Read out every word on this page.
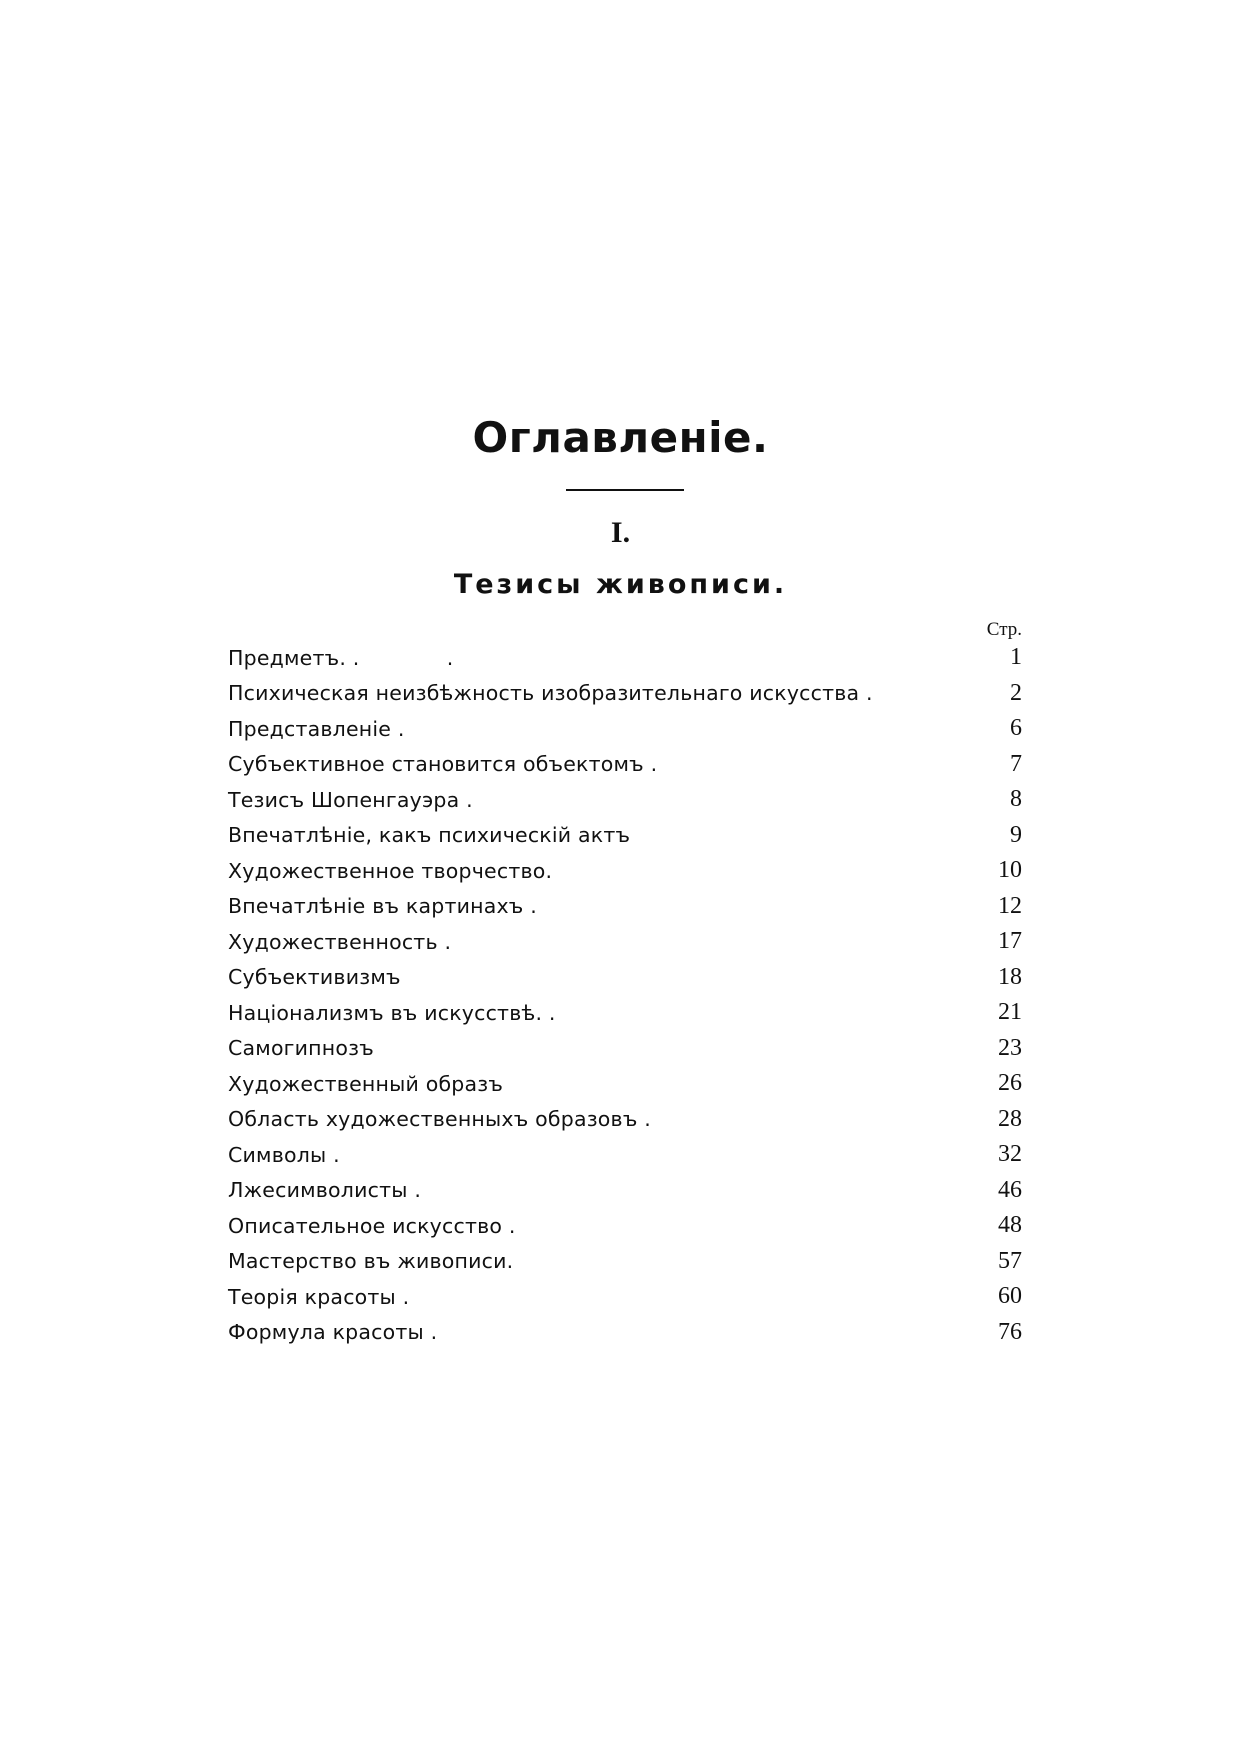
Оглавленіе.
I.
Тезисы живописи.
Стр.
Предметъ. .             .	1
Психическая неизбѣжность изобразительнаго искусства .	2
Представленіе .	6
Субъективное становится объектомъ .	7
Тезисъ Шопенгауэра .	8
Впечатлѣніе, какъ психическій актъ	9
Художественное творчество.	10
Впечатлѣніе въ картинахъ .	12
Художественность .	17
Субъективизмъ	18
Націонализмъ въ искусствѣ. .	21
Самогипнозъ	23
Художественный образъ	26
Область художественныхъ образовъ .	28
Символы .	32
Лжесимволисты .	46
Описательное искусство .	48
Мастерство въ живописи.	57
Теорія красоты .	60
Формула красоты .	76
